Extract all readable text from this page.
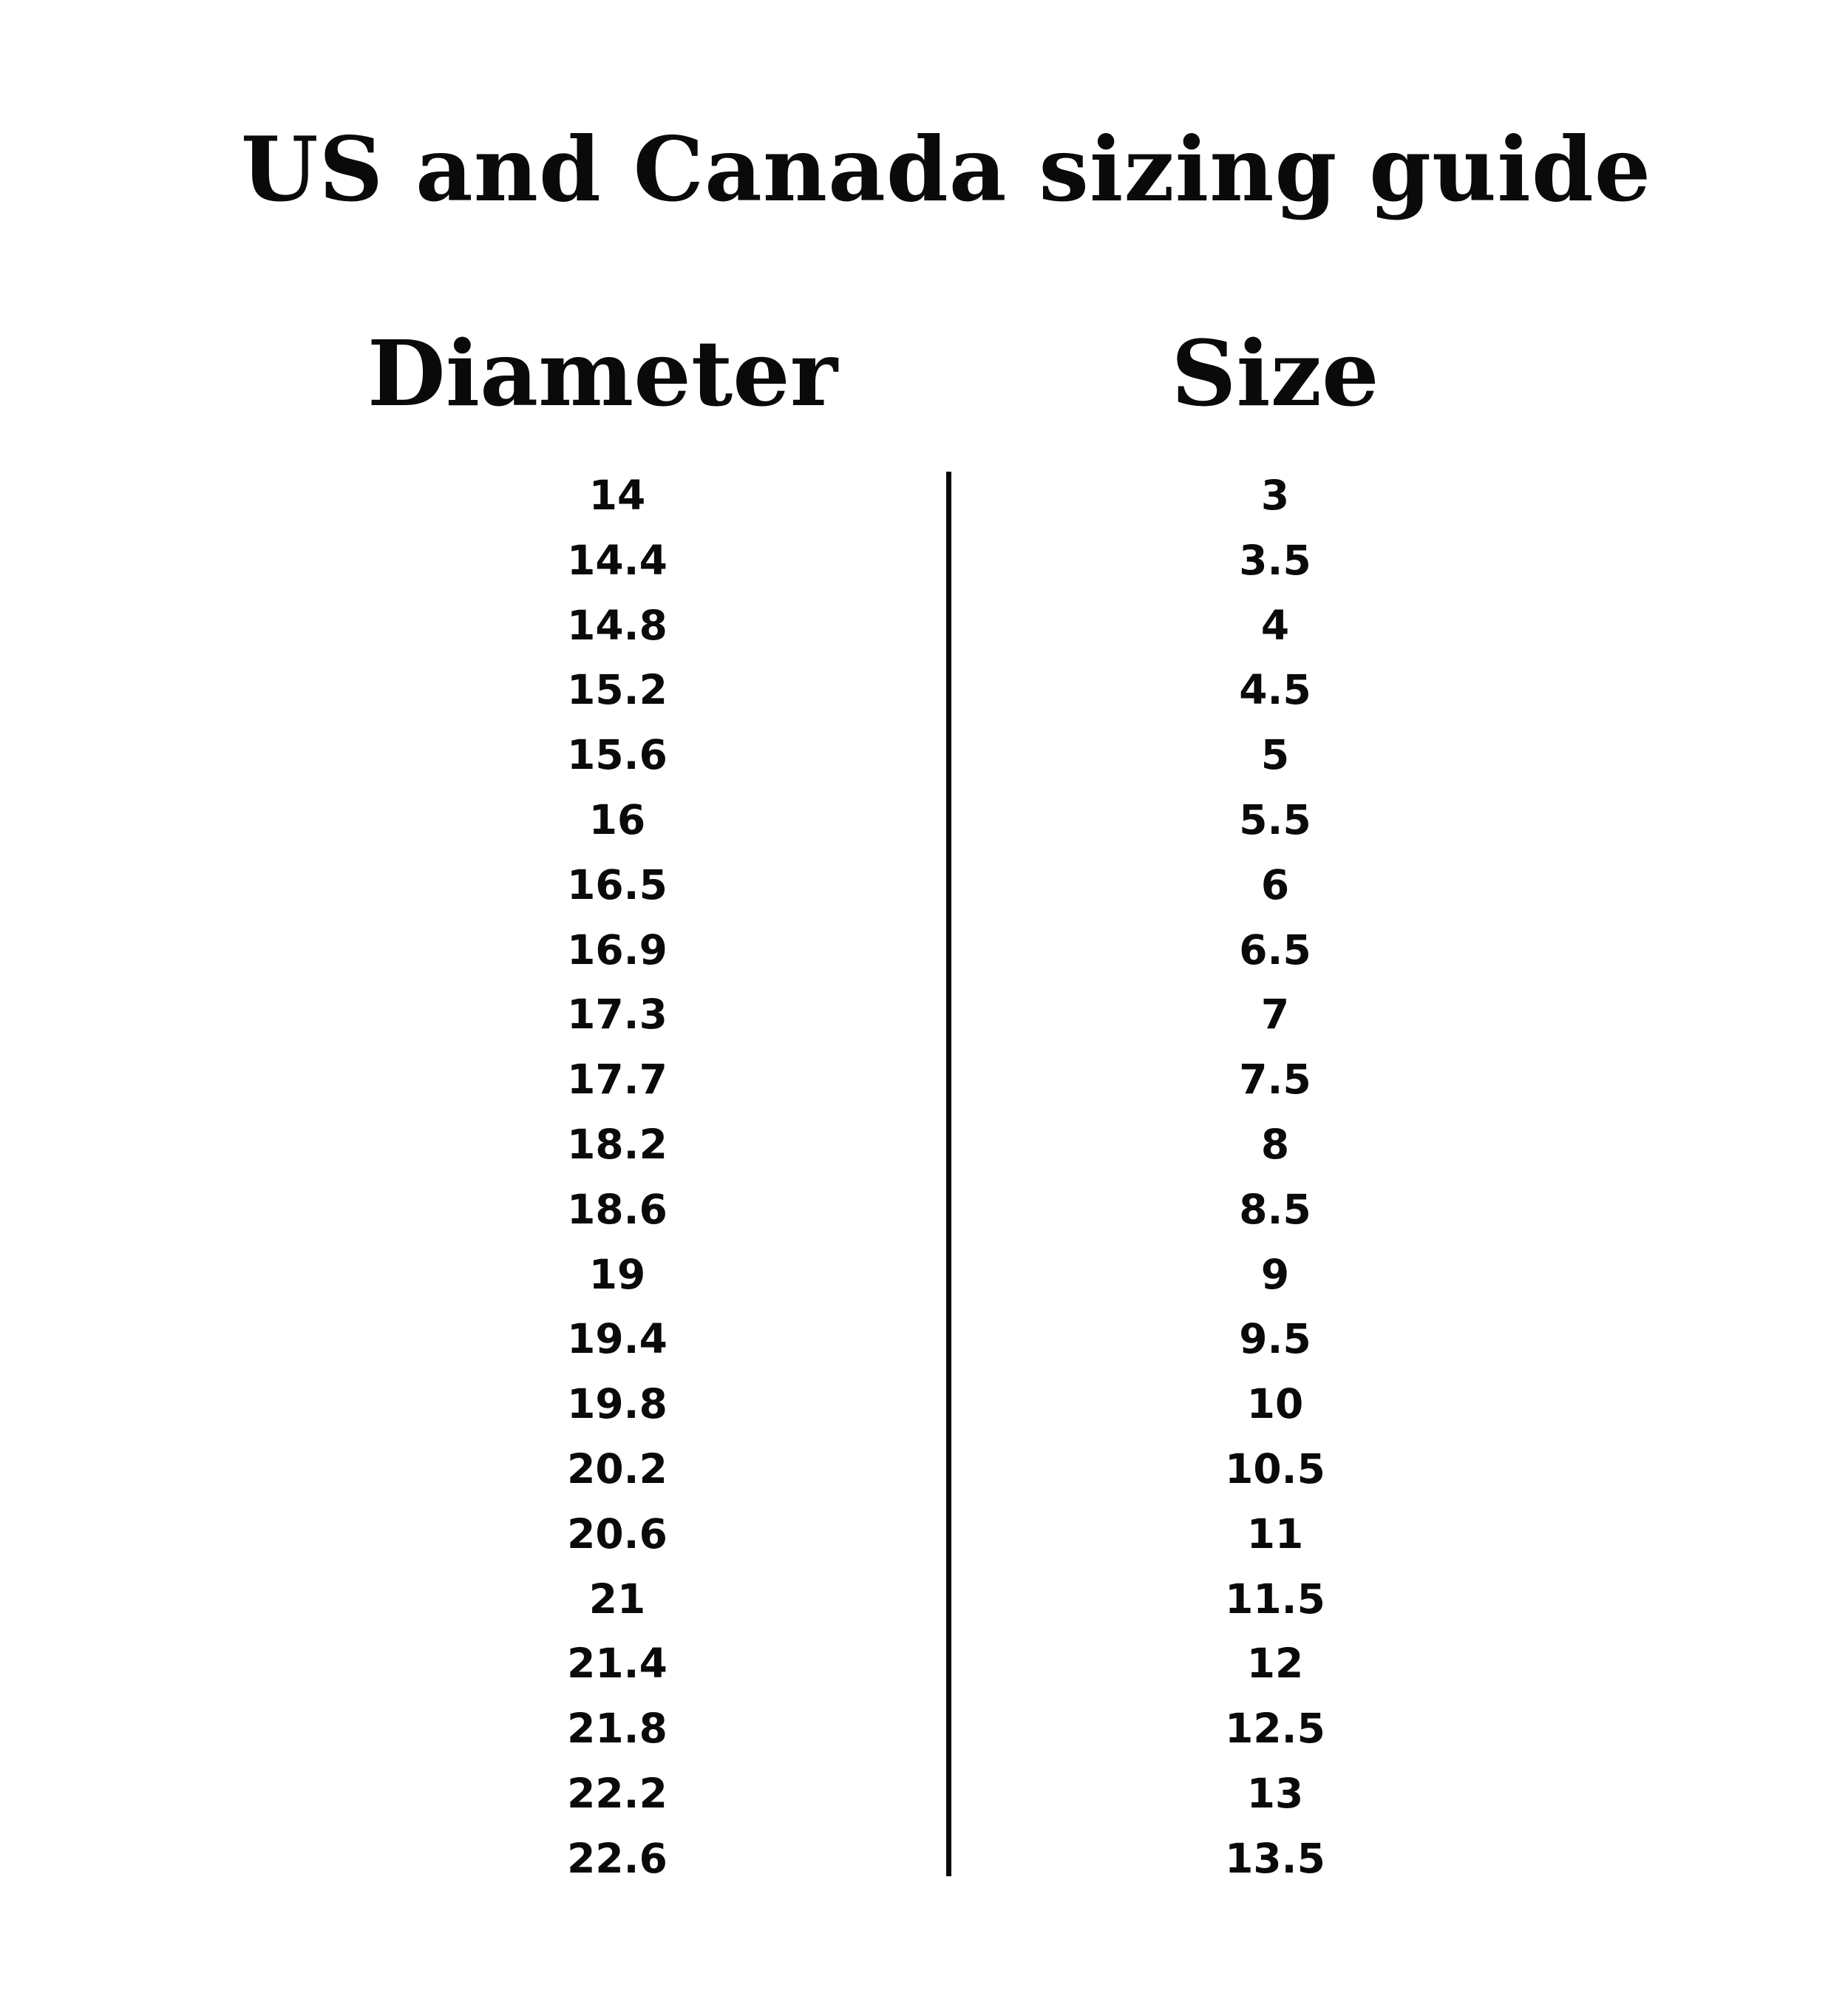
US and Canada sizing guide
Diameter	Size
14
14.4
14.8
15.2
15.6
16
16.5
16.9
17.3
17.7
18.2
18.6
19
19.4
19.8
20.2
20.6
21
21.4
21.8
22.2
22.6
3
3.5
4
4.5
5
5.5
6
6.5
7
7.5
8
8.5
9
9.5
10
10.5
11
11.5
12
12.5
13
13.5
